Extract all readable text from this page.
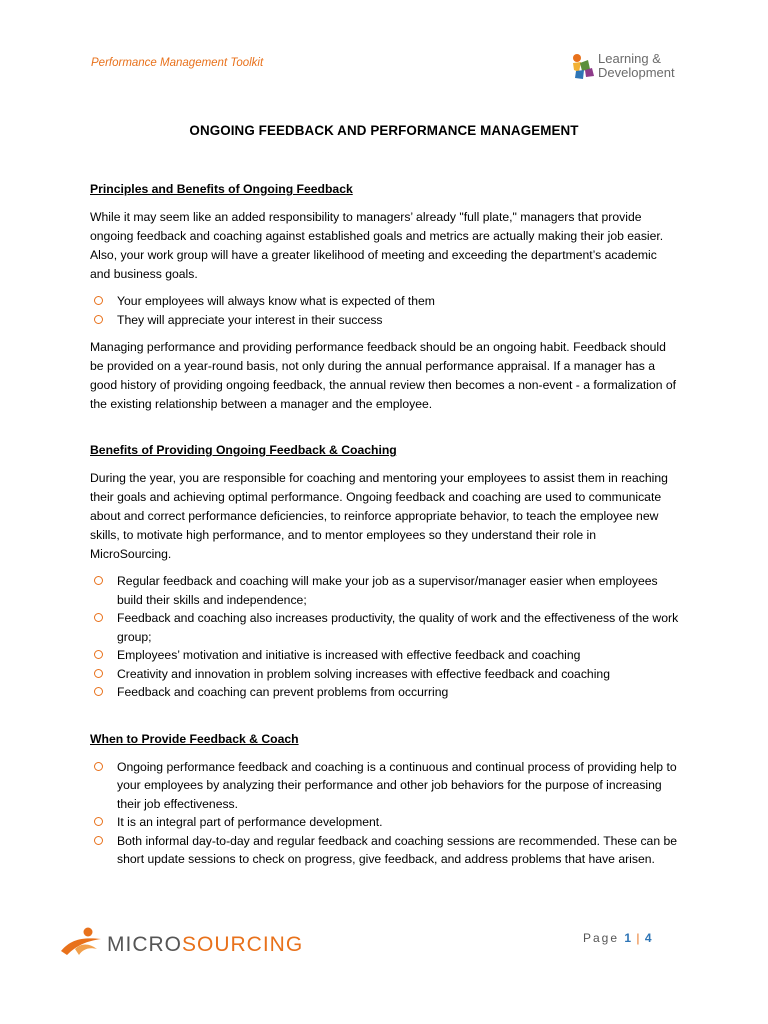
Performance Management Toolkit	Learning &
Development
ONGOING FEEDBACK AND PERFORMANCE MANAGEMENT
Principles and Benefits of Ongoing Feedback
While it may seem like an added responsibility to managers’ already "full plate," managers that provide ongoing feedback and coaching against established goals and metrics are actually making their job easier. Also, your work group will have a greater likelihood of meeting and exceeding the department’s academic and business goals.
Your employees will always know what is expected of them
They will appreciate your interest in their success
Managing performance and providing performance feedback should be an ongoing habit. Feedback should be provided on a year-round basis, not only during the annual performance appraisal. If a manager has a good history of providing ongoing feedback, the annual review then becomes a non-event - a formalization of the existing relationship between a manager and the employee.
Benefits of Providing Ongoing Feedback & Coaching
During the year, you are responsible for coaching and mentoring your employees to assist them in reaching their goals and achieving optimal performance. Ongoing feedback and coaching are used to communicate about and correct performance deficiencies, to reinforce appropriate behavior, to teach the employee new skills, to motivate high performance, and to mentor employees so they understand their role in MicroSourcing.
Regular feedback and coaching will make your job as a supervisor/manager easier when employees build their skills and independence;
Feedback and coaching also increases productivity, the quality of work and the effectiveness of the work group;
Employees’ motivation and initiative is increased with effective feedback and coaching
Creativity and innovation in problem solving increases with effective feedback and coaching
Feedback and coaching can prevent problems from occurring
When to Provide Feedback & Coach
Ongoing performance feedback and coaching is a continuous and continual process of providing help to your employees by analyzing their performance and other job behaviors for the purpose of increasing their job effectiveness.
It is an integral part of performance development.
Both informal day-to-day and regular feedback and coaching sessions are recommended. These can be short update sessions to check on progress, give feedback, and address problems that have arisen.
MICROSOURCING	Page 1 | 4
